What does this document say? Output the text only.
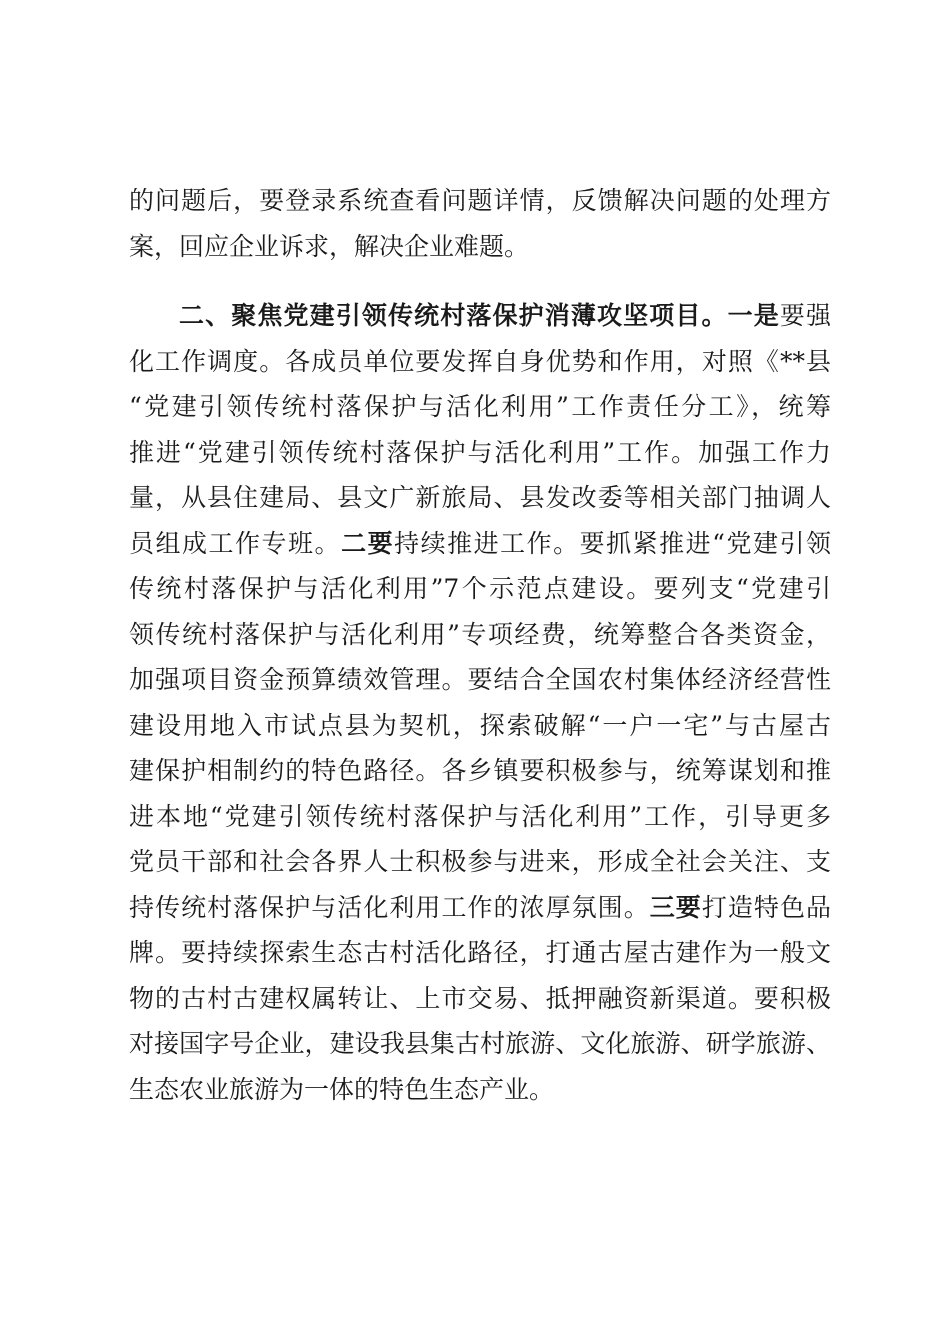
的问题后，要登录系统查看问题详情，反馈解决问题的处理方
案，回应企业诉求，解决企业难题。
二、聚焦党建引领传统村落保护消薄攻坚项目。一是要强
化工作调度。各成员单位要发挥自身优势和作用，对照《**县
“党建引领传统村落保护与活化利用”工作责任分工》，统筹
推进“党建引领传统村落保护与活化利用”工作。加强工作力
量，从县住建局、县文广新旅局、县发改委等相关部门抽调人
员组成工作专班。二要持续推进工作。要抓紧推进“党建引领
传统村落保护与活化利用”7个示范点建设。要列支“党建引
领传统村落保护与活化利用”专项经费，统筹整合各类资金，
加强项目资金预算绩效管理。要结合全国农村集体经济经营性
建设用地入市试点县为契机，探索破解“一户一宅”与古屋古
建保护相制约的特色路径。各乡镇要积极参与，统筹谋划和推
进本地“党建引领传统村落保护与活化利用”工作，引导更多
党员干部和社会各界人士积极参与进来，形成全社会关注、支
持传统村落保护与活化利用工作的浓厚氛围。三要打造特色品
牌。要持续探索生态古村活化路径，打通古屋古建作为一般文
物的古村古建权属转让、上市交易、抵押融资新渠道。要积极
对接国字号企业，建设我县集古村旅游、文化旅游、研学旅游、
生态农业旅游为一体的特色生态产业。
